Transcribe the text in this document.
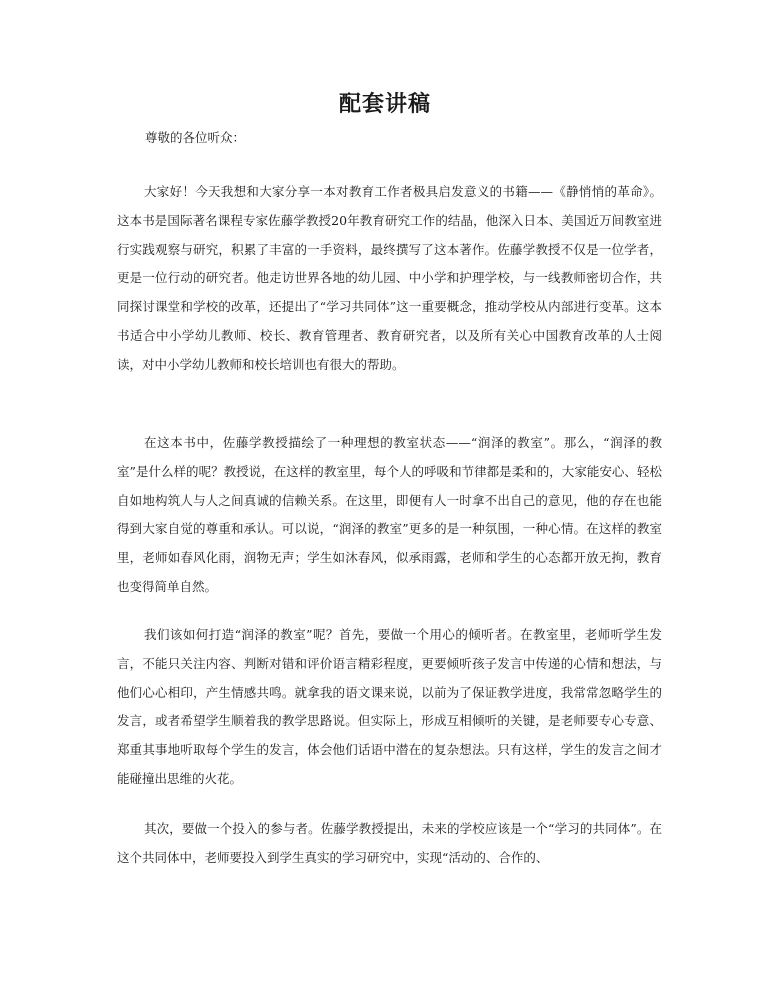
配套讲稿

尊敬的各位听众：

大家好！今天我想和大家分享一本对教育工作者极具启发意义的书籍——《静悄悄的革命》。这本书是国际著名课程专家佐藤学教授20年教育研究工作的结晶，他深入日本、美国近万间教室进行实践观察与研究，积累了丰富的一手资料，最终撰写了这本著作。佐藤学教授不仅是一位学者，更是一位行动的研究者。他走访世界各地的幼儿园、中小学和护理学校，与一线教师密切合作，共同探讨课堂和学校的改革，还提出了“学习共同体”这一重要概念，推动学校从内部进行变革。这本书适合中小学幼儿教师、校长、教育管理者、教育研究者，以及所有关心中国教育改革的人士阅读，对中小学幼儿教师和校长培训也有很大的帮助。

在这本书中，佐藤学教授描绘了一种理想的教室状态——“润泽的教室”。那么，“润泽的教室”是什么样的呢？教授说，在这样的教室里，每个人的呼吸和节律都是柔和的，大家能安心、轻松自如地构筑人与人之间真诚的信赖关系。在这里，即便有人一时拿不出自己的意见，他的存在也能得到大家自觉的尊重和承认。可以说，“润泽的教室”更多的是一种氛围，一种心情。在这样的教室里，老师如春风化雨，润物无声；学生如沐春风，似承雨露，老师和学生的心态都开放无拘，教育也变得简单自然。

我们该如何打造“润泽的教室”呢？首先，要做一个用心的倾听者。在教室里，老师听学生发言，不能只关注内容、判断对错和评价语言精彩程度，更要倾听孩子发言中传递的心情和想法，与他们心心相印，产生情感共鸣。就拿我的语文课来说，以前为了保证教学进度，我常常忽略学生的发言，或者希望学生顺着我的教学思路说。但实际上，形成互相倾听的关键，是老师要专心专意、郑重其事地听取每个学生的发言，体会他们话语中潜在的复杂想法。只有这样，学生的发言之间才能碰撞出思维的火花。

其次，要做一个投入的参与者。佐藤学教授提出，未来的学校应该是一个“学习的共同体”。在这个共同体中，老师要投入到学生真实的学习研究中，实现“活动的、合作的、
